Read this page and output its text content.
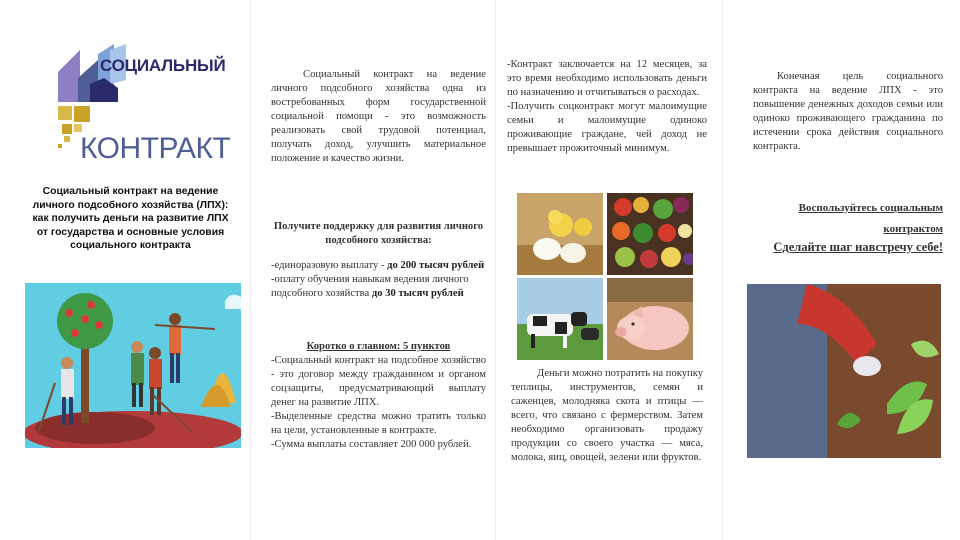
СОЦИАЛЬНЫЙ
КОНТРАКТ
Социальный контракт на ведение личного подсобного хозяйства (ЛПХ): как получить деньги на развитие ЛПХ от государства и основные условия социального контракта

Социальный контракт на ведение личного подсобного хозяйства одна из востребованных форм государственной социальной помощи - это возможность реализовать свой трудовой потенциал, получать доход, улучшить материальное положение и качество жизни.

Получите поддержку для развития личного подсобного хозяйства:

-единоразовую выплату - до 200 тысяч рублей
-оплату обучения навыкам ведения личного подсобного хозяйства до 30 тысяч рублей

Коротко о главном: 5 пунктов

-Социальный контракт на подсобное хозяйство - это договор между гражданином и органом соцзащиты, предусматривающий выплату денег на развитие ЛПХ.

-Выделенные средства можно тратить только на цели, установленные в контракте.

-Сумма выплаты составляет 200 000 рублей.

-Контракт заключается на 12 месяцев, за это время необходимо использовать деньги по назначению и отчитываться о расходах.

-Получить соцконтракт могут малоимущие семьи и малоимущие одиноко проживающие граждане, чей доход не превышает прожиточный минимум.

Деньги можно потратить на покупку теплицы, инструментов, семян и саженцев, молодняка скота и птицы — всего, что связано с фермерством. Затем необходимо организовать продажу продукции со своего участка — мяса, молока, яиц, овощей, зелени или фруктов.

Конечная цель социального контракта на ведение ЛПХ - это повышение денежных доходов семьи или одиноко проживающего гражданина по истечении срока действия социального контракта.

Воспользуйтесь социальным контрактом

Сделайте шаг навстречу себе!
